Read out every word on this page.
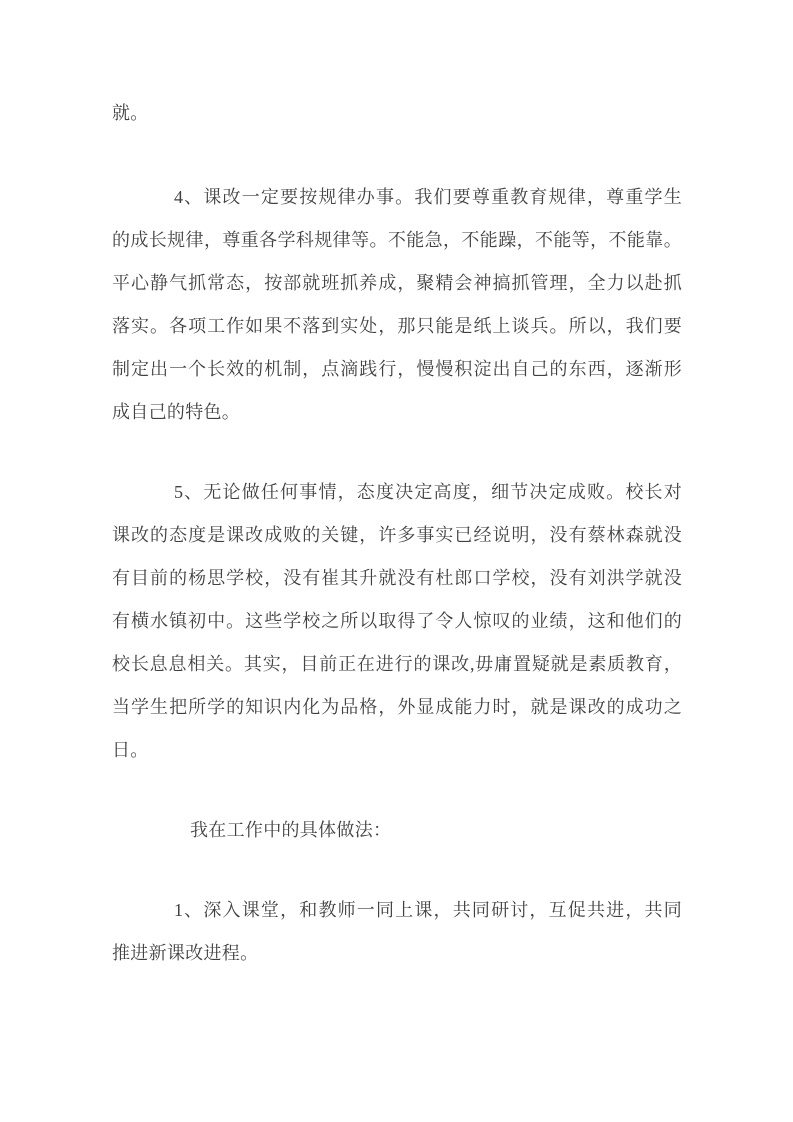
就。
4、课改一定要按规律办事。我们要尊重教育规律，尊重学生
的成长规律，尊重各学科规律等。不能急，不能躁，不能等，不能靠。
平心静气抓常态，按部就班抓养成，聚精会神搞抓管理，全力以赴抓
落实。各项工作如果不落到实处，那只能是纸上谈兵。所以，我们要
制定出一个长效的机制，点滴践行，慢慢积淀出自己的东西，逐渐形
成自己的特色。
5、无论做任何事情，态度决定高度，细节决定成败。校长对
课改的态度是课改成败的关键，许多事实已经说明，没有蔡林森就没
有目前的杨思学校，没有崔其升就没有杜郎口学校，没有刘洪学就没
有横水镇初中。这些学校之所以取得了令人惊叹的业绩，这和他们的
校长息息相关。其实，目前正在进行的课改,毋庸置疑就是素质教育，
当学生把所学的知识内化为品格，外显成能力时，就是课改的成功之
日。
我在工作中的具体做法：
1、深入课堂，和教师一同上课，共同研讨，互促共进，共同
推进新课改进程。
